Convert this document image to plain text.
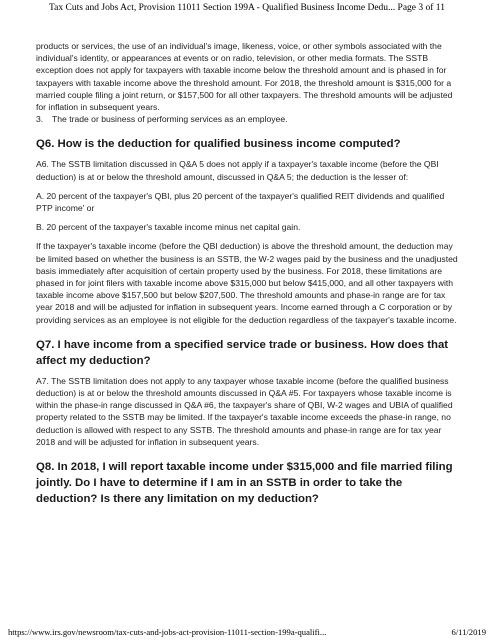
Tax Cuts and Jobs Act, Provision 11011 Section 199A - Qualified Business Income Dedu... Page 3 of 11

products or services, the use of an individual's image, likeness, voice, or other symbols associated with the individual's identity, or appearances at events or on radio, television, or other media formats. The SSTB exception does not apply for taxpayers with taxable income below the threshold amount and is phased in for taxpayers with taxable income above the threshold amount. For 2018, the threshold amount is $315,000 for a married couple filing a joint return, or $157,500 for all other taxpayers. The threshold amounts will be adjusted for inflation in subsequent years.

3. The trade or business of performing services as an employee.
Q6. How is the deduction for qualified business income computed?

A6. The SSTB limitation discussed in Q&A 5 does not apply if a taxpayer's taxable income (before the QBI deduction) is at or below the threshold amount, discussed in Q&A 5; the deduction is the lesser of:

A. 20 percent of the taxpayer's QBI, plus 20 percent of the taxpayer's qualified REIT dividends and qualified PTP income' or

B. 20 percent of the taxpayer's taxable income minus net capital gain.

If the taxpayer's taxable income (before the QBI deduction) is above the threshold amount, the deduction may be limited based on whether the business is an SSTB, the W-2 wages paid by the business and the unadjusted basis immediately after acquisition of certain property used by the business. For 2018, these limitations are phased in for joint filers with taxable income above $315,000 but below $415,000, and all other taxpayers with taxable income above $157,500 but below $207,500. The threshold amounts and phase-in range are for tax year 2018 and will be adjusted for inflation in subsequent years. Income earned through a C corporation or by providing services as an employee is not eligible for the deduction regardless of the taxpayer's taxable income.

Q7. I have income from a specified service trade or business. How does that affect my deduction?

A7. The SSTB limitation does not apply to any taxpayer whose taxable income (before the qualified business deduction) is at or below the threshold amounts discussed in Q&A #5. For taxpayers whose taxable income is within the phase-in range discussed in Q&A #6, the taxpayer's share of QBI, W-2 wages and UBIA of qualified property related to the SSTB may be limited. If the taxpayer's taxable income exceeds the phase-in range, no deduction is allowed with respect to any SSTB. The threshold amounts and phase-in range are for tax year 2018 and will be adjusted for inflation in subsequent years.

Q8. In 2018, I will report taxable income under $315,000 and file married filing jointly. Do I have to determine if I am in an SSTB in order to take the deduction? Is there any limitation on my deduction?
https://www.irs.gov/newsroom/tax-cuts-and-jobs-act-provision-11011-section-199a-qualifi...	6/11/2019
